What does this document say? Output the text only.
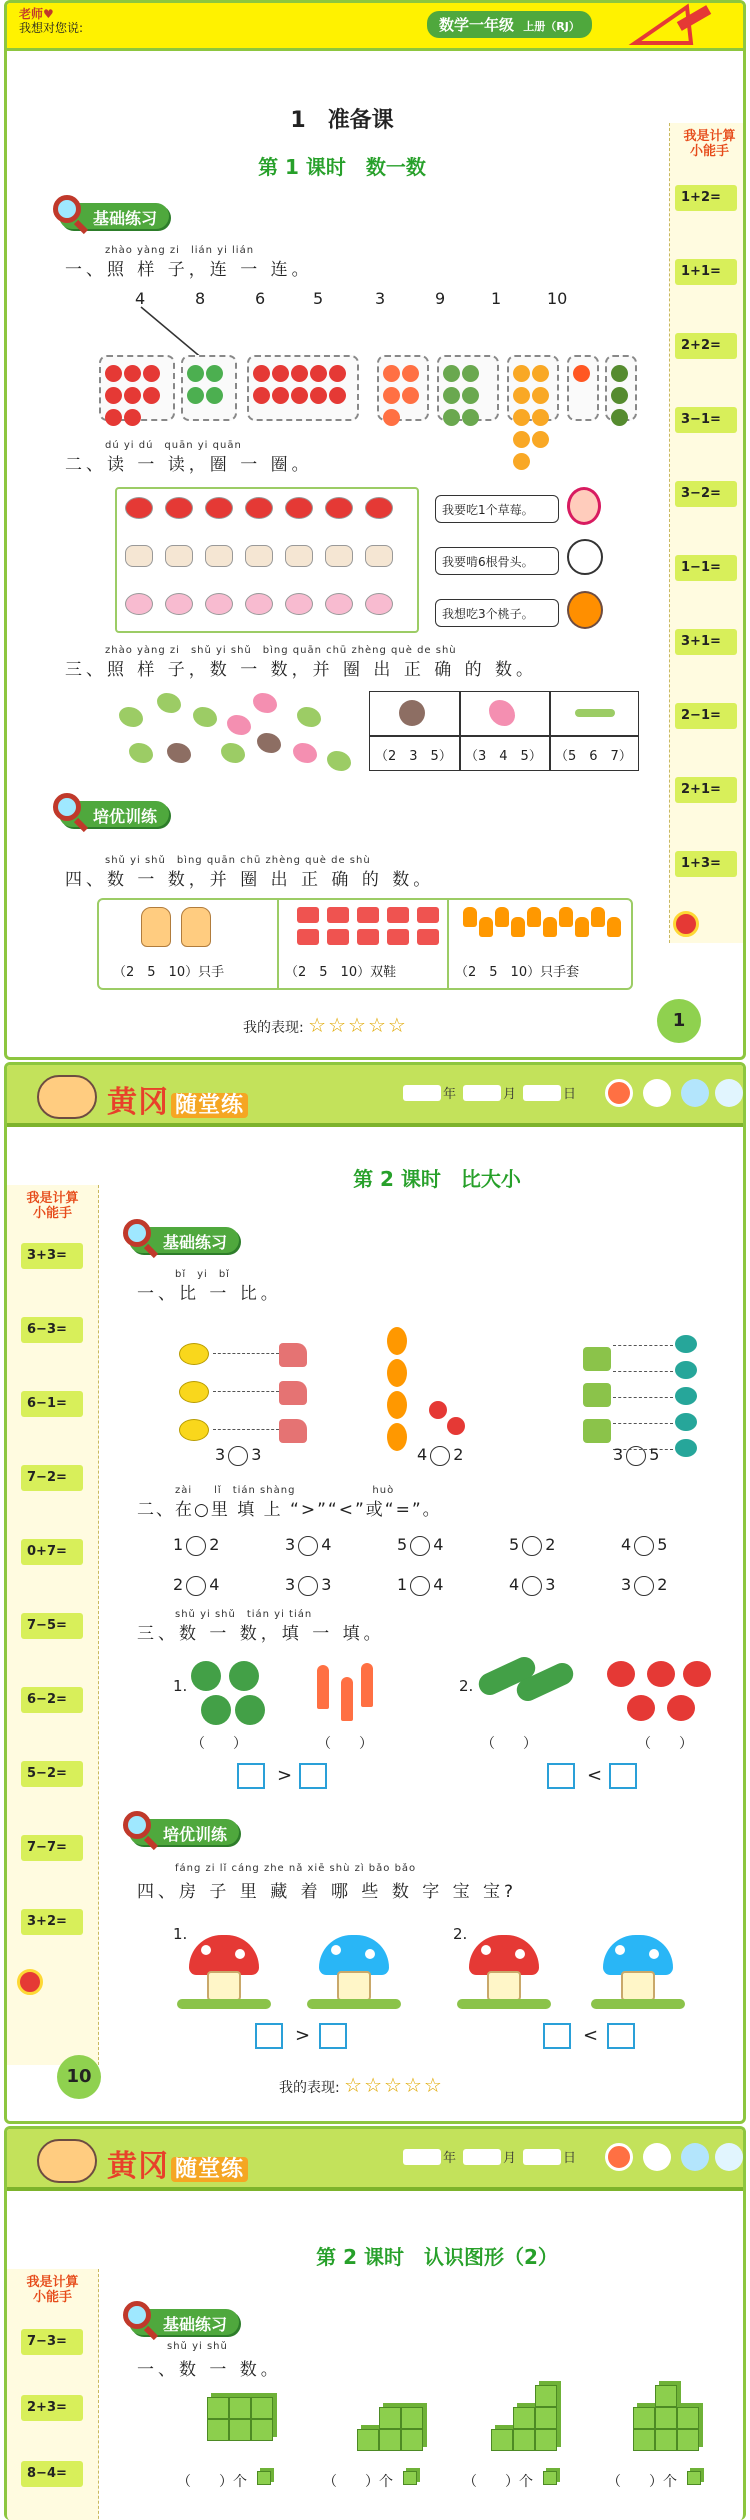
老师♥
我想对您说:	数学一年级 上册（RJ）
1　准备课
第 1 课时　数一数
我是计算小能手
1+2=
1+1=
2+2=
3−1=
3−2=
1−1=
3+1=
2−1=
2+1=
1+3=
基础练习
zhào yàng zi　lián yi lián
一、照 样 子，连 一 连。
4	8	6	5	3	9	1	10
dú yi dú　quān yi quān
二、读 一 读，圈 一 圈。
我要吃1个草莓。
我要啃6根骨头。
我想吃3个桃子。
zhào yàng zi　shǔ yi shǔ　bìng quān chū zhèng què de shù
三、照 样 子，数 一 数，并 圈 出 正 确 的 数。
（2　3　5） （3　4　5） （5　6　7）
培优训练
shǔ yi shǔ　bìng quān chū zhèng què de shù
四、数 一 数，并 圈 出 正 确 的 数。
（2　5　10）只手	（2　5　10）双鞋	（2　5　10）只手套
我的表现: ☆☆☆☆☆	1
黄冈 随堂练	年	月	日
第 2 课时　比大小
我是计算小能手
3+3=
6−3=
6−1=
7−2=
0+7=
7−5=
6−2=
5−2=
7−7=
3+2=
基础练习
bǐ　yi　bǐ
一、比 一 比。
3 3	4 2	3 5
zài　　lǐ　tián shàng　　　　　　　huò
二、在○里 填 上 “>”“<”或“=”。
1 2	3 4	5 4	5 2	4 5
2 4	3 3	1 4	4 3	3 2
shǔ yi shǔ　tián yi tián
三、数 一 数，填 一 填。
1.	2.
（　　）	（　　）	（　　）	（　　）
>	<
培优训练
fáng zi lǐ cáng zhe nǎ xiē shù zì bǎo bǎo
四、房 子 里 藏 着 哪 些 数 字 宝 宝?
1.	2.
>	<
10
我的表现: ☆☆☆☆☆
黄冈 随堂练	年	月	日
第 2 课时　认识图形（2）
我是计算小能手
7−3=
2+3=
8−4=
基础练习
shǔ yi shǔ
一、数 一 数。
（　　）个	（　　）个	（　　）个	（　　）个
